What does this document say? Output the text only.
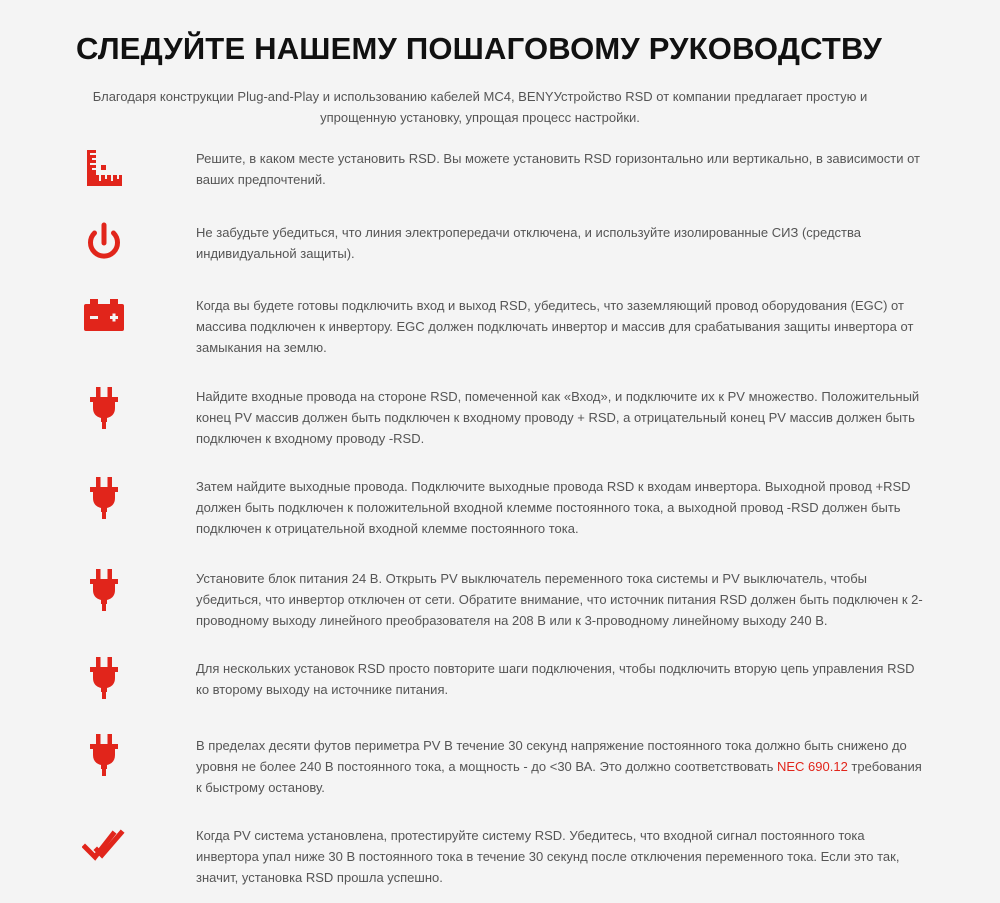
СЛЕДУЙТЕ НАШЕМУ ПОШАГОВОМУ РУКОВОДСТВУ

Благодаря конструкции Plug-and-Play и использованию кабелей MC4, BENYУстройство RSD от компании предлагает простую и упрощенную установку, упрощая процесс настройки.

Решите, в каком месте установить RSD. Вы можете установить RSD горизонтально или вертикально, в зависимости от ваших предпочтений.

Не забудьте убедиться, что линия электропередачи отключена, и используйте изолированные СИЗ (средства индивидуальной защиты).

Когда вы будете готовы подключить вход и выход RSD, убедитесь, что заземляющий провод оборудования (EGC) от массива подключен к инвертору. EGC должен подключать инвертор и массив для срабатывания защиты инвертора от замыкания на землю.

Найдите входные провода на стороне RSD, помеченной как «Вход», и подключите их к PV множество. Положительный конец PV массив должен быть подключен к входному проводу + RSD, а отрицательный конец PV массив должен быть подключен к входному проводу -RSD.

Затем найдите выходные провода. Подключите выходные провода RSD к входам инвертора. Выходной провод +RSD должен быть подключен к положительной входной клемме постоянного тока, а выходной провод -RSD должен быть подключен к отрицательной входной клемме постоянного тока.

Установите блок питания 24 В. Открыть PV выключатель переменного тока системы и PV выключатель, чтобы убедиться, что инвертор отключен от сети. Обратите внимание, что источник питания RSD должен быть подключен к 2-проводному выходу линейного преобразователя на 208 В или к 3-проводному линейному выходу 240 В.

Для нескольких установок RSD просто повторите шаги подключения, чтобы подключить вторую цепь управления RSD ко второму выходу на источнике питания.

В пределах десяти футов периметра PV В течение 30 секунд напряжение постоянного тока должно быть снижено до уровня не более 240 В постоянного тока, а мощность - до <30 ВА. Это должно соответствовать NEC 690.12 требования к быстрому останову.

Когда PV система установлена, протестируйте систему RSD. Убедитесь, что входной сигнал постоянного тока инвертора упал ниже 30 В постоянного тока в течение 30 секунд после отключения переменного тока. Если это так, значит, установка RSD прошла успешно.
